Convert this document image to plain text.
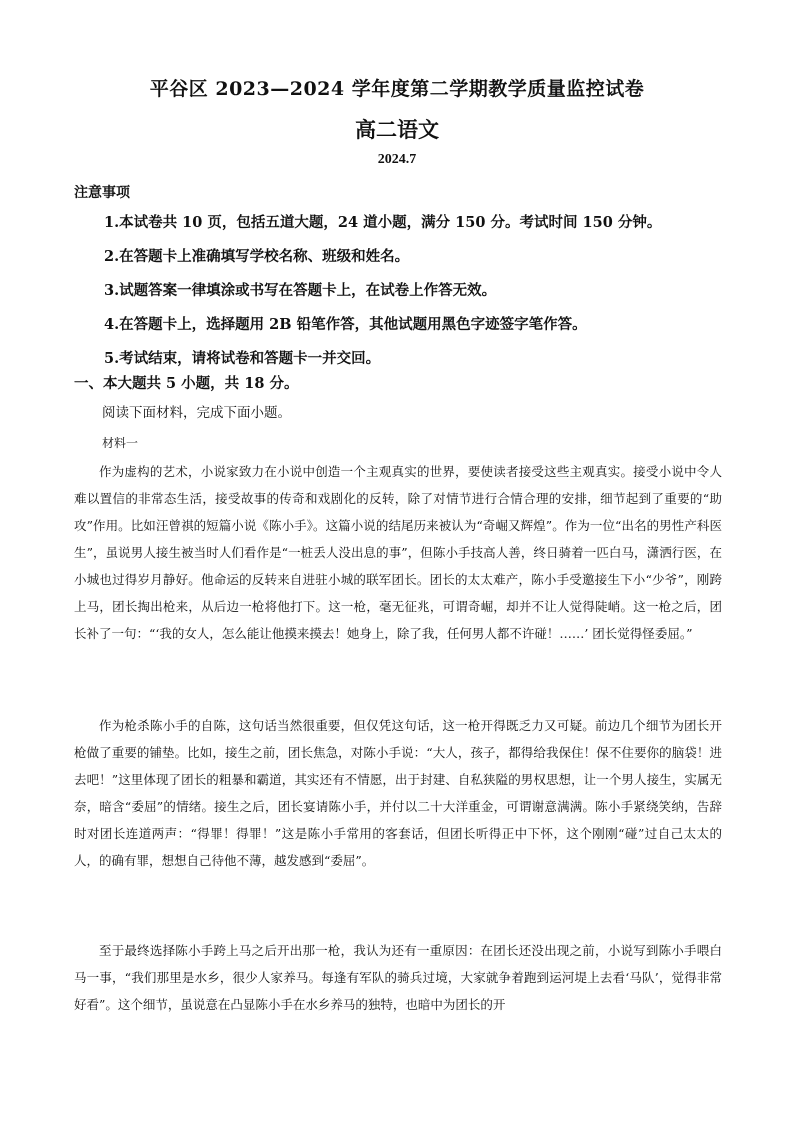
平谷区 2023—2024 学年度第二学期教学质量监控试卷
高二语文
2024.7
注意事项
1.本试卷共 10 页，包括五道大题，24 道小题，满分 150 分。考试时间 150 分钟。
2.在答题卡上准确填写学校名称、班级和姓名。
3.试题答案一律填涂或书写在答题卡上，在试卷上作答无效。
4.在答题卡上，选择题用 2B 铅笔作答，其他试题用黑色字迹签字笔作答。
5.考试结束，请将试卷和答题卡一并交回。
一、本大题共 5 小题，共 18 分。
阅读下面材料，完成下面小题。
材料一

作为虚构的艺术，小说家致力在小说中创造一个主观真实的世界，要使读者接受这些主观真实。接受小说中令人难以置信的非常态生活，接受故事的传奇和戏剧化的反转，除了对情节进行合情合理的安排，细节起到了重要的“助攻”作用。比如汪曾祺的短篇小说《陈小手》。这篇小说的结尾历来被认为“奇崛又辉煌”。作为一位“出名的男性产科医生”，虽说男人接生被当时人们看作是“一桩丢人没出息的事”，但陈小手技高人善，终日骑着一匹白马，潇洒行医，在小城也过得岁月静好。他命运的反转来自进驻小城的联军团长。团长的太太难产，陈小手受邀接生下小“少爷”，刚跨上马，团长掏出枪来，从后边一枪将他打下。这一枪，毫无征兆，可谓奇崛，却并不让人觉得陡峭。这一枪之后，团长补了一句：“‘我的女人，怎么能让他摸来摸去！她身上，除了我，任何男人都不许碰！……’ 团长觉得怪委屈。”

作为枪杀陈小手的自陈，这句话当然很重要，但仅凭这句话，这一枪开得既乏力又可疑。前边几个细节为团长开枪做了重要的铺垫。比如，接生之前，团长焦急，对陈小手说：“大人，孩子，都得给我保住！保不住要你的脑袋！进去吧！”这里体现了团长的粗暴和霸道，其实还有不情愿，出于封建、自私狭隘的男权思想，让一个男人接生，实属无奈，暗含“委屈”的情绪。接生之后，团长宴请陈小手，并付以二十大洋重金，可谓谢意满满。陈小手紧绕笑纳，告辞时对团长连道两声：“得罪！得罪！”这是陈小手常用的客套话，但团长听得正中下怀，这个刚刚“碰”过自己太太的人，的确有罪，想想自己待他不薄，越发感到“委屈”。

至于最终选择陈小手跨上马之后开出那一枪，我认为还有一重原因：在团长还没出现之前，小说写到陈小手喂白马一事，“我们那里是水乡，很少人家养马。每逢有军队的骑兵过境，大家就争着跑到运河堤上去看‘马队’，觉得非常好看”。这个细节，虽说意在凸显陈小手在水乡养马的独特，也暗中为团长的开
